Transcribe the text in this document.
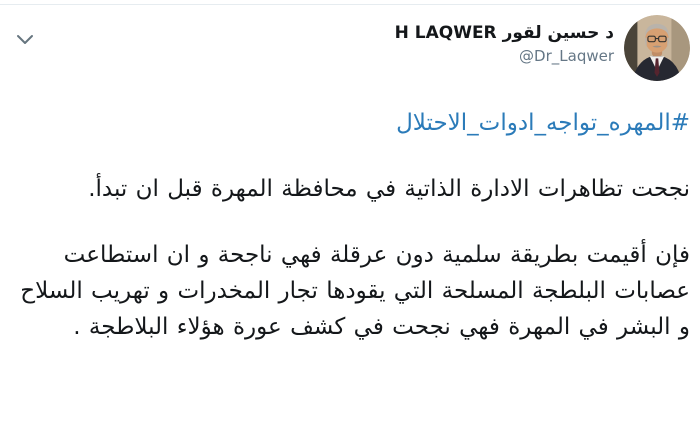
د حسين لقور H LAQWER
@Dr_Laqwer
#المهره_تواجه_ادوات_الاحتلال

نجحت تظاهرات الادارة الذاتية في محافظة المهرة قبل ان تبدأ.

فإن أقيمت بطريقة سلمية دون عرقلة فهي ناجحة و ان استطاعت عصابات البلطجة المسلحة التي يقودها تجار المخدرات و تهريب السلاح و البشر في المهرة فهي نجحت في كشف عورة هؤلاء البلاطجة .
